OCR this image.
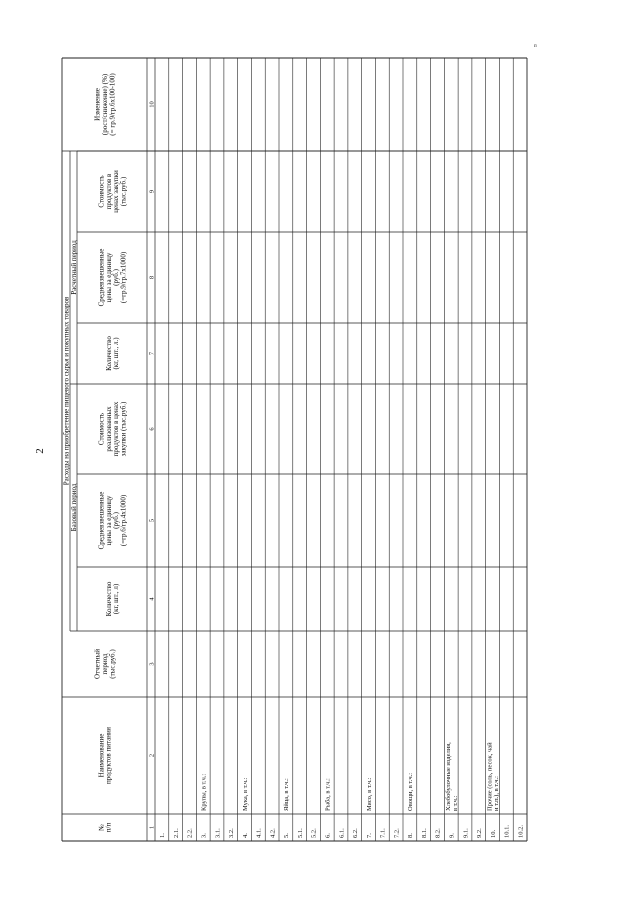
2
п
№п/п
Наименованиепродуктов питания
Отчетныйпериод(тыс.руб.)
Расходы на приобретение пищевого сырья и покупных товаров
Базовый период
Расчетный период
Количество(кг, шт., л)
Средневзвешенныецены за единицу(руб.)(=гр.6/гр.4х1000)
Стоимостьреализованныхпродуктов в ценахзакупки (тыс.руб.)
Количество(кг, шт., л.)
Средневзвешенныецены за единицу(руб.)(=гр.9/гр.7х1000)
Стоимостьпродуктов вценах закупки(тыс.руб.)
Изменение(рост/снижение) (%)(= гр.9/гр.6х100-100)
1
2
3
4
5
6
7
8
9
10
1. 2.1. 2.2. 3.
Крупы, в т.ч.:
3.1. 3.2. 4.
Мука, в т.ч.:
4.1. 4.2. 5.
Яйца, в т.ч.:
5.1. 5.2. 6.
Рыба, в т.ч.:
6.1. 6.2. 7.
Мясо, в т.ч.:
7.1. 7.2. 8.
Овощи, в т.ч.:
8.1. 8.2. 9.
Хлебобулочные изделия,в т.ч.:
9.1. 9.2. 10.
Прочие (соль, песок, чайи т.п.), в т.ч.:
10.1. 10.2.
